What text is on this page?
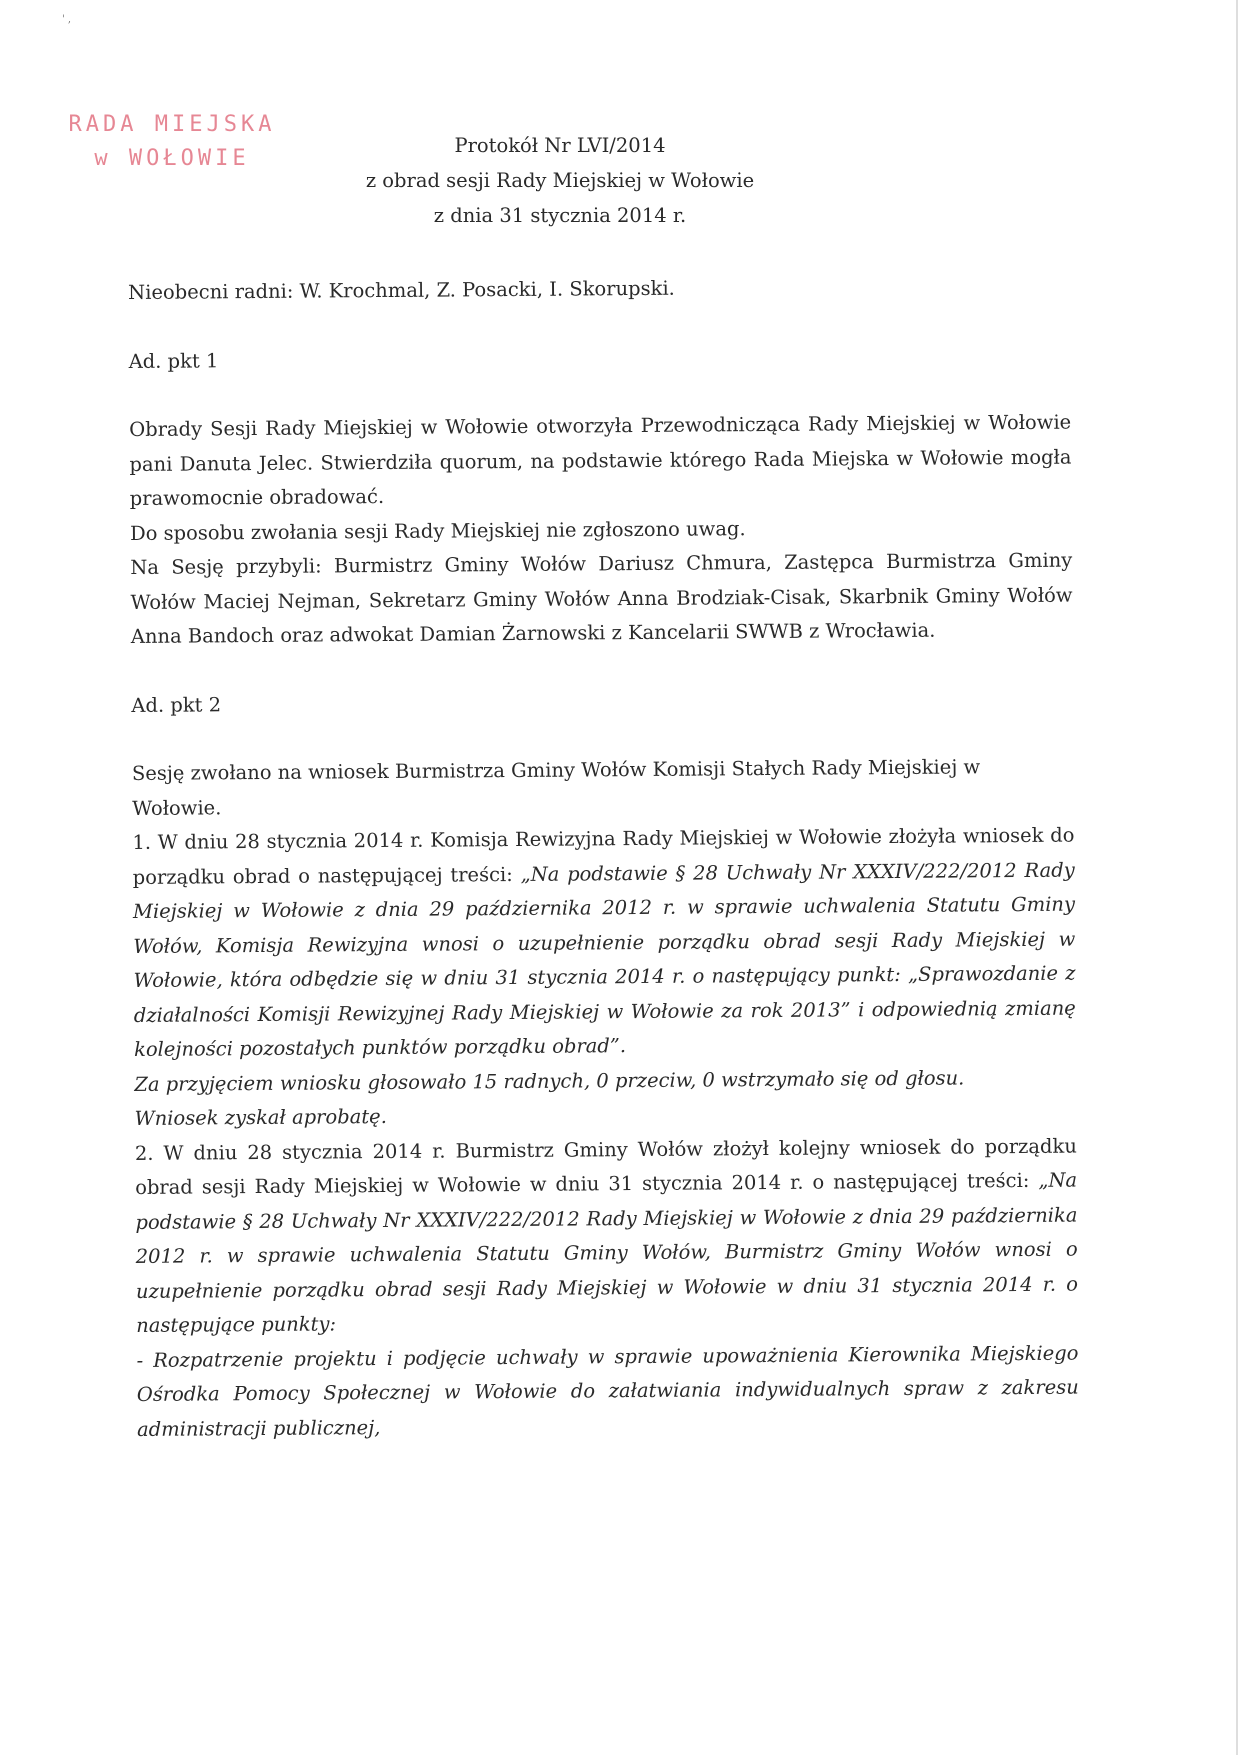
' ,
RADA MIEJSKA
w WOŁOWIE
Protokół Nr LVI/2014
z obrad sesji Rady Miejskiej w Wołowie
z dnia 31 stycznia 2014 r.

Nieobecni radni: W. Krochmal, Z. Posacki, I. Skorupski.

Ad. pkt 1

Obrady Sesji Rady Miejskiej w Wołowie otworzyła Przewodnicząca Rady Miejskiej w Wołowie pani Danuta Jelec. Stwierdziła quorum, na podstawie którego Rada Miejska w Wołowie mogła prawomocnie obradować.

Do sposobu zwołania sesji Rady Miejskiej nie zgłoszono uwag.

Na Sesję przybyli: Burmistrz Gminy Wołów Dariusz Chmura, Zastępca Burmistrza Gminy Wołów Maciej Nejman, Sekretarz Gminy Wołów Anna Brodziak-Cisak, Skarbnik Gminy Wołów Anna Bandoch oraz adwokat Damian Żarnowski z Kancelarii SWWB z Wrocławia.

Ad. pkt 2

Sesję zwołano na wniosek Burmistrza Gminy Wołów Komisji Stałych Rady Miejskiej w Wołowie.

1. W dniu 28 stycznia 2014 r. Komisja Rewizyjna Rady Miejskiej w Wołowie złożyła wniosek do porządku obrad o następującej treści: „Na podstawie § 28 Uchwały Nr XXXIV/222/2012 Rady Miejskiej w Wołowie z dnia 29 października 2012 r. w sprawie uchwalenia Statutu Gminy Wołów, Komisja Rewizyjna wnosi o uzupełnienie porządku obrad sesji Rady Miejskiej w Wołowie, która odbędzie się w dniu 31 stycznia 2014 r. o następujący punkt: „Sprawozdanie z działalności Komisji Rewizyjnej Rady Miejskiej w Wołowie za rok 2013” i odpowiednią zmianę kolejności pozostałych punktów porządku obrad”.

Za przyjęciem wniosku głosowało 15 radnych, 0 przeciw, 0 wstrzymało się od głosu.

Wniosek zyskał aprobatę.

2. W dniu 28 stycznia 2014 r. Burmistrz Gminy Wołów złożył kolejny wniosek do porządku obrad sesji Rady Miejskiej w Wołowie w dniu 31 stycznia 2014 r. o następującej treści: „Na podstawie § 28 Uchwały Nr XXXIV/222/2012 Rady Miejskiej w Wołowie z dnia 29 października 2012 r. w sprawie uchwalenia Statutu Gminy Wołów, Burmistrz Gminy Wołów wnosi o uzupełnienie porządku obrad sesji Rady Miejskiej w Wołowie w dniu 31 stycznia 2014 r. o następujące punkty:

- Rozpatrzenie projektu i podjęcie uchwały w sprawie upoważnienia Kierownika Miejskiego Ośrodka Pomocy Społecznej w Wołowie do załatwiania indywidualnych spraw z zakresu administracji publicznej,
